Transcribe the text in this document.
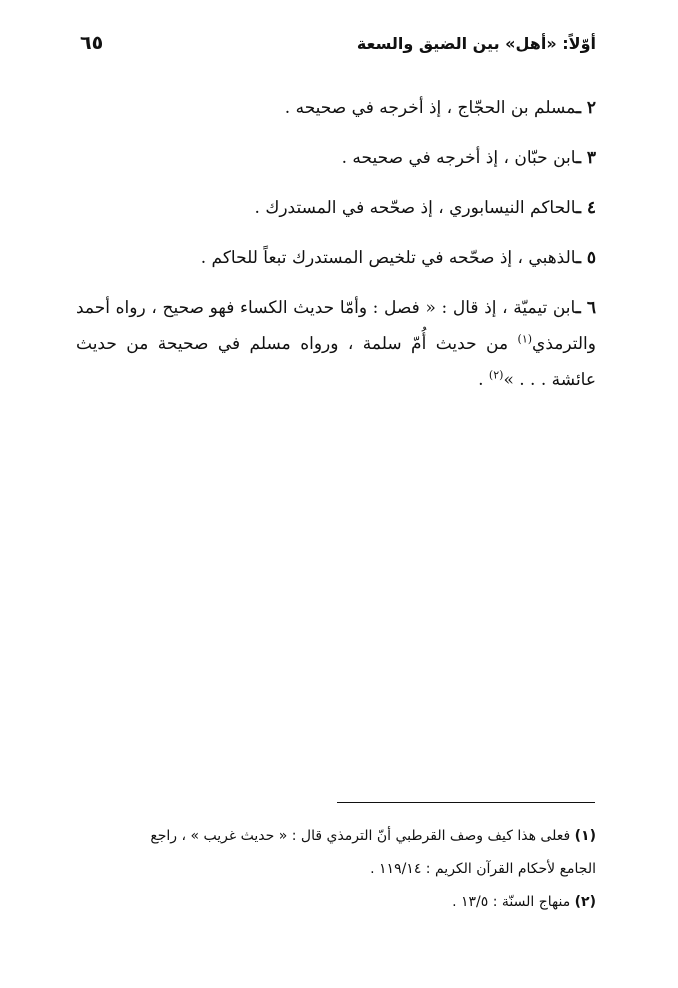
أوّلاً: «أهل» بين الضيق والسعة
٦٥
٢ ـمسلم بن الحجّاج ، إذ أخرجه في صحيحه .
٣ ـابن حبّان ، إذ أخرجه في صحيحه .
٤ ـالحاكم النيسابوري ، إذ صحّحه في المستدرك .
٥ ـالذهبي ، إذ صحّحه في تلخيص المستدرك تبعاً للحاكم .
٦ ـابن تيميّة ، إذ قال : « فصل : وأمّا حديث الكساء فهو صحيح ، رواه أحمد والترمذي$^{(١)}$ من حديث أُمّ سلمة ، ورواه مسلم في صحيحة من حديث عائشة . . . »$^{(٢)}$ .
(١) فعلى هذا كيف وصف القرطبي أنّ الترمذي قال : « حديث غريب » ، راجع
الجامع لأحكام القرآن الكريم : ١١٩/١٤ .
(٢) منهاج السنّة : ١٣/٥ .
